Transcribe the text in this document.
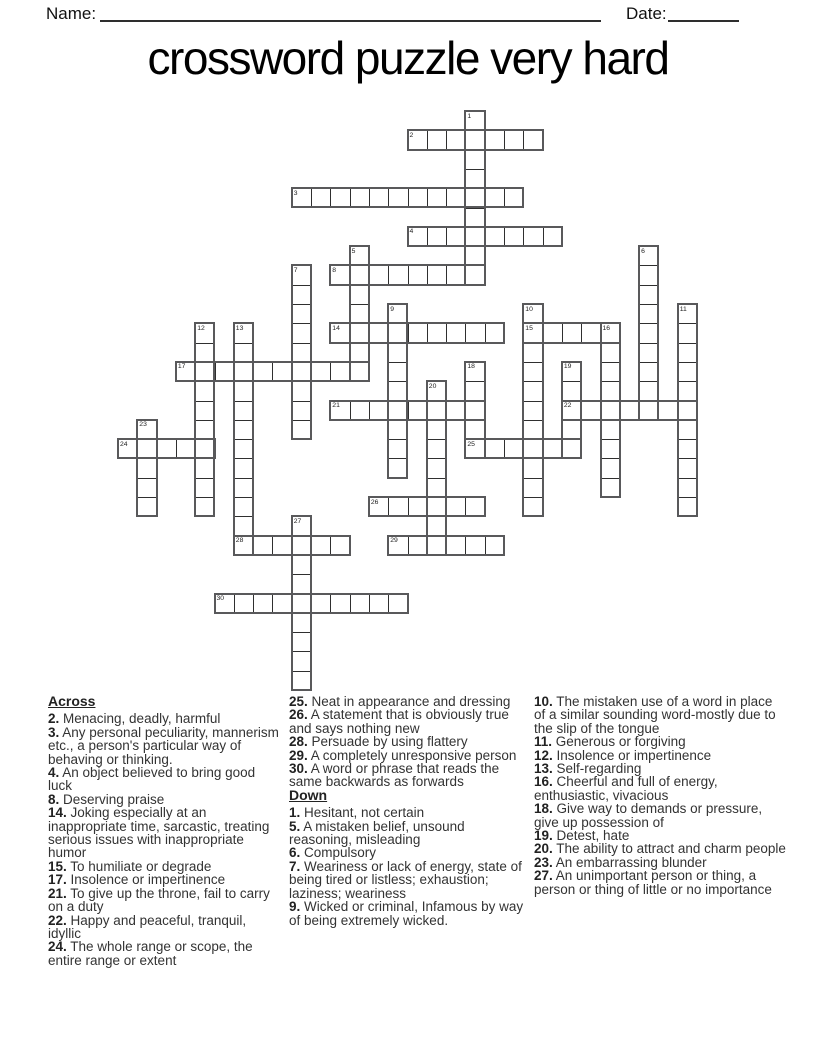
Name:	Date:
crossword puzzle very hard
1
2
3
4
5	6
7	8
9	10	11
12	13	14	15	16
17	18	19
20
21	22
23
24	25
26
27
28	29
30
Across
2. Menacing, deadly, harmful
3. Any personal peculiarity, mannerism etc., a person's particular way of behaving or thinking.
4. An object believed to bring good luck
8. Deserving praise
14. Joking especially at an inappropriate time, sarcastic, treating serious issues with inappropriate humor
15. To humiliate or degrade
17. Insolence or impertinence
21. To give up the throne, fail to carry on a duty
22. Happy and peaceful, tranquil, idyllic
24. The whole range or scope, the entire range or extent
25. Neat in appearance and dressing
26. A statement that is obviously true and says nothing new
28. Persuade by using flattery
29. A completely unresponsive person
30. A word or phrase that reads the same backwards as forwards
Down
1. Hesitant, not certain
5. A mistaken belief, unsound reasoning, misleading
6. Compulsory
7. Weariness or lack of energy, state of being tired or listless; exhaustion; laziness; weariness
9. Wicked or criminal, Infamous by way of being extremely wicked.
10. The mistaken use of a word in place of a similar sounding word-mostly due to the slip of the tongue
11. Generous or forgiving
12. Insolence or impertinence
13. Self-regarding
16. Cheerful and full of energy, enthusiastic, vivacious
18. Give way to demands or pressure, give up possession of
19. Detest, hate
20. The ability to attract and charm people
23. An embarrassing blunder
27. An unimportant person or thing, a person or thing of little or no importance
